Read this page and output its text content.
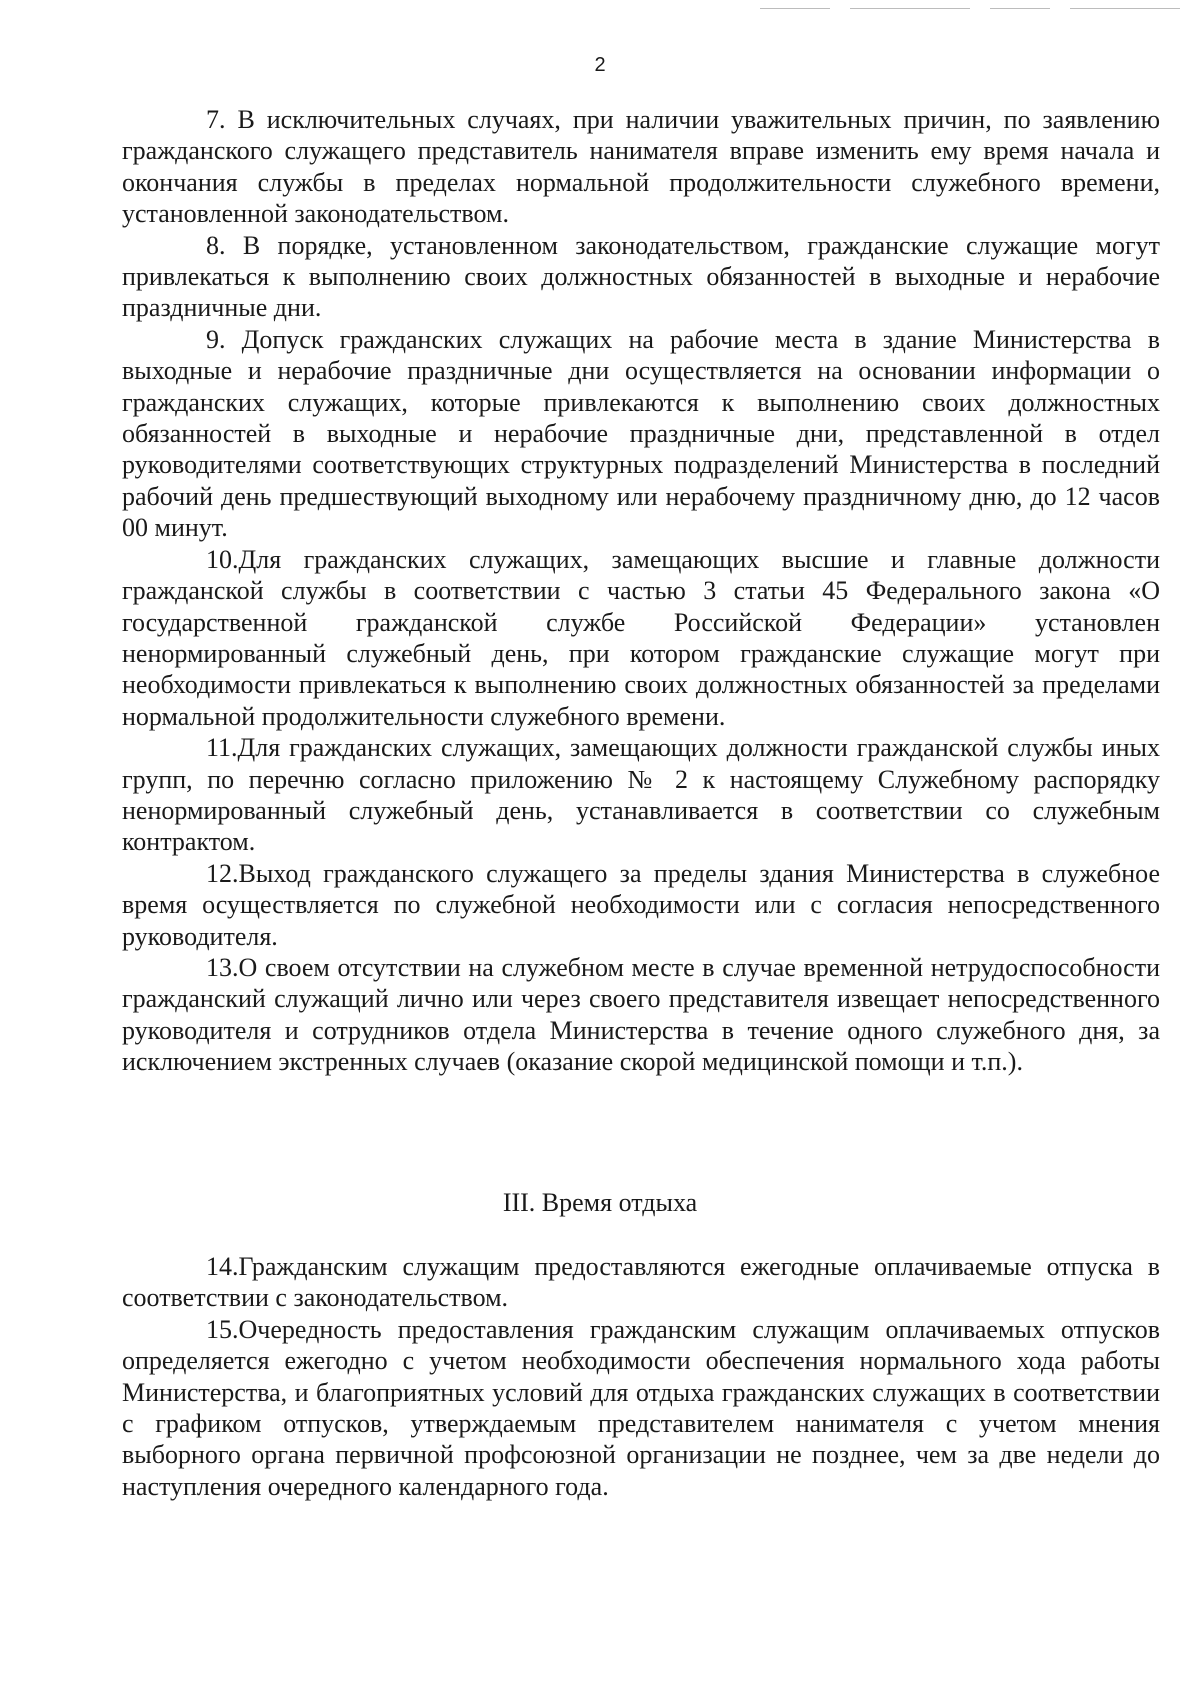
2

7. В исключительных случаях, при наличии уважительных причин, по заявлению гражданского служащего представитель нанимателя вправе изменить ему время начала и окончания службы в пределах нормальной продолжительности служебного времени, установленной законодательством.

8. В порядке, установленном законодательством, гражданские служащие могут привлекаться к выполнению своих должностных обязанностей в выходные и нерабочие праздничные дни.

9. Допуск гражданских служащих на рабочие места в здание Министерства в выходные и нерабочие праздничные дни осуществляется на основании информации о гражданских служащих, которые привлекаются к выполнению своих должностных обязанностей в выходные и нерабочие праздничные дни, представленной в отдел руководителями соответствующих структурных подразделений Министерства в последний рабочий день предшествующий выходному или нерабочему праздничному дню, до 12 часов 00 минут.

10.Для гражданских служащих, замещающих высшие и главные должности гражданской службы в соответствии с частью 3 статьи 45 Федерального закона «О государственной гражданской службе Российской Федерации» установлен ненормированный служебный день, при котором гражданские служащие могут при необходимости привлекаться к выполнению своих должностных обязанностей за пределами нормальной продолжительности служебного времени.

11.Для гражданских служащих, замещающих должности гражданской службы иных групп, по перечню согласно приложению № 2 к настоящему Служебному распорядку ненормированный служебный день, устанавливается в соответствии со служебным контрактом.

12.Выход гражданского служащего за пределы здания Министерства в служебное время осуществляется по служебной необходимости или с согласия непосредственного руководителя.

13.О своем отсутствии на служебном месте в случае временной нетрудоспособности гражданский служащий лично или через своего представителя извещает непосредственного руководителя и сотрудников отдела Министерства в течение одного служебного дня, за исключением экстренных случаев (оказание скорой медицинской помощи и т.п.).

III. Время отдыха

14.Гражданским служащим предоставляются ежегодные оплачиваемые отпуска в соответствии с законодательством.

15.Очередность предоставления гражданским служащим оплачиваемых отпусков определяется ежегодно с учетом необходимости обеспечения нормального хода работы Министерства, и благоприятных условий для отдыха гражданских служащих в соответствии с графиком отпусков, утверждаемым представителем нанимателя с учетом мнения выборного органа первичной профсоюзной организации не позднее, чем за две недели до наступления очередного календарного года.
